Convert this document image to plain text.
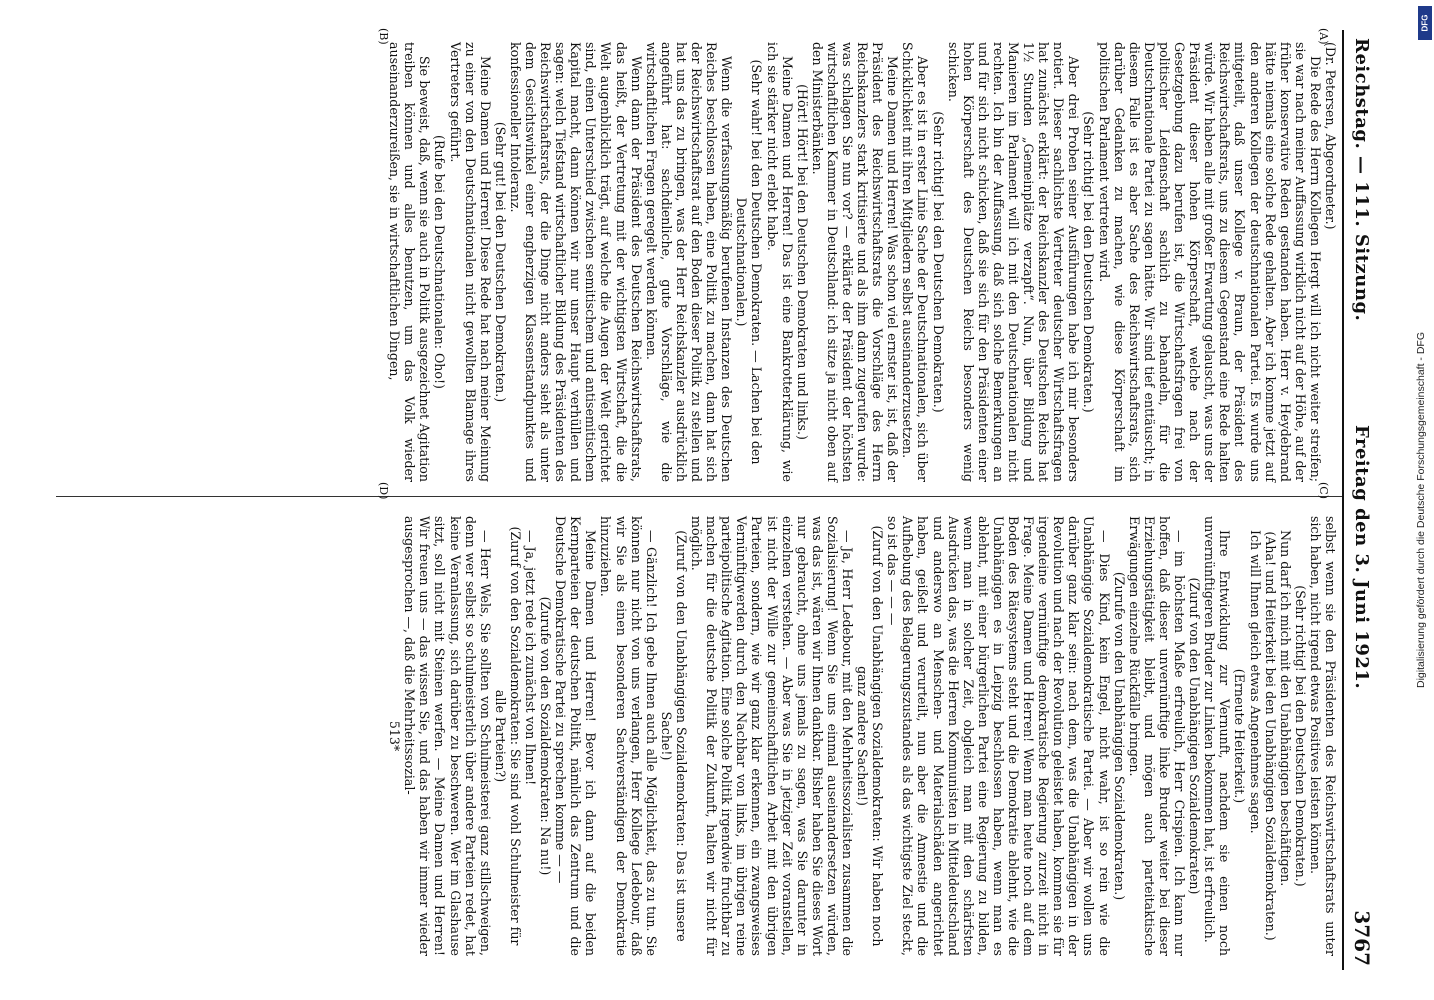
Reichstag. — 111. Sitzung.
Freitag den 3. Juni 1921.
3767
(A)
(B)
(C)
(D)

(Dr. Petersen, Abgeordneter.)

Die Rede des Herrn Kollegen Hergt will ich nicht weiter streifen; sie war nach meiner Auffassung wirklich nicht auf der Höhe, auf der früher konservative Reden gestanden haben. Herr v. Heydebrand hätte niemals eine solche Rede gehalten. Aber ich komme jetzt auf den anderen Kollegen der deutschnationalen Partei. Es wurde uns mitgeteilt, daß unser Kollege v. Braun, der Präsident des Reichswirtschaftsrats, uns zu diesem Gegenstand eine Rede halten würde. Wir haben alle mit großer Erwartung gelauscht, was uns der Präsident dieser hohen Körperschaft, welche nach der Gesetzgebung dazu berufen ist, die Wirtschaftsfragen frei von politischer Leidenschaft sachlich zu behandeln, für die Deutschnationale Partei zu sagen hätte. Wir sind tief enttäuscht; in diesem Falle ist es aber Sache des Reichswirtschaftsrats, sich darüber Gedanken zu machen, wie diese Körperschaft im politischen Parlament vertreten wird.

(Sehr richtig! bei den Deutschen Demokraten.)

Aber drei Proben seiner Ausführungen habe ich mir besonders notiert. Dieser sachlichste Vertreter deutscher Wirtschaftsfragen hat zunächst erklärt: der Reichskanzler des Deutschen Reichs hat 1½ Stunden „Gemeinplätze verzapft“. Nun, über Bildung und Manieren im Parlament will ich mit den Deutschnationalen nicht rechten. Ich bin der Auffassung, daß sich solche Bemerkungen an und für sich nicht schicken, daß sie sich für den Präsidenten einer hohen Körperschaft des Deutschen Reichs besonders wenig schicken.

(Sehr richtig! bei den Deutschen Demokraten.)

Aber es ist in erster Linie Sache der Deutschnationalen, sich über Schicklichkeit mit ihren Mitgliedern selbst auseinanderzusetzen.

Meine Damen und Herren! Was schon viel ernster ist, ist, daß der Präsident des Reichswirtschaftsrats die Vorschläge des Herrn Reichskanzlers stark kritisierte und als ihm dann zugerufen wurde: was schlagen Sie nun vor? — erklärte der Präsident der höchsten wirtschaftlichen Kammer in Deutschland: ich sitze ja nicht oben auf den Ministerbänken.

(Hört! Hört! bei den Deutschen Demokraten und links.)

Meine Damen und Herren! Das ist eine Bankrotterklärung, wie ich sie stärker nicht erlebt habe.

(Sehr wahr! bei den Deutschen Demokraten. — Lachen bei den Deutschnationalen.)

Wenn die verfassungsmäßig berufenen Instanzen des Deutschen Reiches beschlossen haben, eine Politik zu machen, dann hat sich der Reichswirtschaftsrat auf den Boden dieser Politik zu stellen und hat uns das zu bringen, was der Herr Reichskanzler ausdrücklich angeführt hat: sachdienliche, gute Vorschläge, wie die wirtschaftlichen Fragen geregelt werden können.

Wenn dann der Präsident des Deutschen Reichswirtschaftsrats, das heißt, der Vertretung mit der wichtigsten Wirtschaft, die die Welt augenblicklich trägt, auf welche die Augen der Welt gerichtet sind, einen Unterschied zwischen semitischem und antisemitischem Kapital macht, dann können wir nur unser Haupt verhüllen und sagen: welch Tiefstand wirtschaftlicher Bildung des Präsidenten des Reichswirtschaftsrats, der die Dinge nicht anders sieht als unter dem Gesichtswinkel einer engherzigen Klassenstandpunktes und konfessioneller Intoleranz.

(Sehr gut! bei den Deutschen Demokraten.)

Meine Damen und Herren! Diese Rede hat nach meiner Meinung zu einer von den Deutschnationalen nicht gewollten Blamage ihres Vertreters geführt.

(Rufe bei den Deutschnationalen: Oho!)

Sie beweist, daß, wenn sie auch in Politik ausgezeichnet Agitation treiben können und alles benutzen, um das Volk wieder auseinanderzureißen, sie in wirtschaftlichen Dingen,

selbst wenn sie den Präsidenten des Reichswirtschaftsrats unter sich haben, nicht irgend etwas Positives leisten können.

(Sehr richtig! bei den Deutschen Demokraten.)

Nun darf ich mich mit den Unabhängigen beschäftigen.

(Aha! und Heiterkeit bei den Unabhängigen Sozialdemokraten.)

Ich will Ihnen gleich etwas Angenehmes sagen.

(Erneute Heiterkeit.)

Ihre Entwicklung zur Vernunft, nachdem sie einen noch unvernünftigeren Bruder zur Linken bekommen hat, ist erfreulich.

(Zuruf von den Unabhängigen Sozialdemokraten)

— im höchsten Maße erfreulich, Herr Crispien. Ich kann nur hoffen, daß dieser unvernünftige linke Bruder weiter bei dieser Erziehungstätigkeit bleibt, und mögen auch parteitaktische Erwägungen einzelne Rückfälle bringen.

(Zurufe von den Unabhängigen Sozialdemokraten.)

— Dies Kind, kein Engel, nicht wahr, ist so rein wie die Unabhängige Sozialdemokratische Partei. — Aber wir wollen uns darüber ganz klar sein: nach dem, was die Unabhängigen in der Revolution und nach der Revolution geleistet haben, kommen sie für irgendeine vernünftige demokratische Regierung zurzeit nicht in Frage. Meine Damen und Herren! Wenn man heute noch auf dem Boden des Rätesystems steht und die Demokratie ablehnt, wie die Unabhängigen es in Leipzig beschlossen haben, wenn man es ablehnt, mit einer bürgerlichen Partei eine Regierung zu bilden, wenn man in solcher Zeit, obgleich man mit den schärfsten Ausdrücken das, was die Herren Kommunisten in Mitteldeutschland und anderswo an Menschen- und Materialschäden angerichtet haben, geißelt und verurteilt, nun aber die Amnestie und die Aufhebung des Belagerungszustandes als das wichtigste Ziel steckt, so ist das — — —

(Zuruf von den Unabhängigen Sozialdemokraten: Wir haben noch ganz andere Sachen!)

— Ja, Herr Ledebour, mit den Mehrheitssozialisten zusammen die Sozialisierung! Wenn Sie uns einmal auseinandersetzen würden, was das ist, wären wir Ihnen dankbar. Bisher haben Sie dieses Wort nur gebraucht, ohne uns jemals zu sagen, was Sie darunter in einzelnen verstehen. — Aber was Sie in jetziger Zeit voranstellen, ist nicht der Wille zur gemeinschaftlichen Arbeit mit den übrigen Parteien, sondern, wie wir ganz klar erkennen, ein zwangsweises Vernünftigwerden durch den Nachbar von links, im übrigen reine parteipolitische Agitation. Eine solche Politik irgendwie fruchtbar zu machen für die deutsche Politik der Zukunft, halten wir nicht für möglich.

(Zuruf von den Unabhängigen Sozialdemokraten: Das ist unsere Sache!)

— Gänzlich! Ich gebe Ihnen auch alle Möglichkeit, das zu tun. Sie können nur nicht von uns verlangen, Herr Kollege Ledebour, daß wir Sie als einen besonderen Sachverständigen der Demokratie hinzuziehen.

Meine Damen und Herren! Bevor ich dann auf die beiden Kernparteien der deutschen Politik, nämlich das Zentrum und die Deutsche Demokratische Partei zu sprechen komme — —

(Zurufe von den Sozialdemokraten: Na nu!)

— Ja, jetzt rede ich zunächst von Ihnen!

(Zuruf von den Sozialdemokraten: Sie sind wohl Schulmeister für alle Parteien?)

— Herr Wels, Sie sollten von Schulmeisterei ganz stillschweigen, denn wer selbst so schulmeisterlich über andere Parteien redet, hat keine Veranlassung, sich darüber zu beschweren. Wer im Glashause sitzt, soll nicht mit Steinen werfen. — Meine Damen und Herren! Wir freuen uns — das wissen Sie, und das haben wir immer wieder ausgesprochen —, daß die Mehrheitssozial-

513*

Digitalisierung gefördert durch die Deutsche Forschungsgemeinschaft - DFG
DFG
